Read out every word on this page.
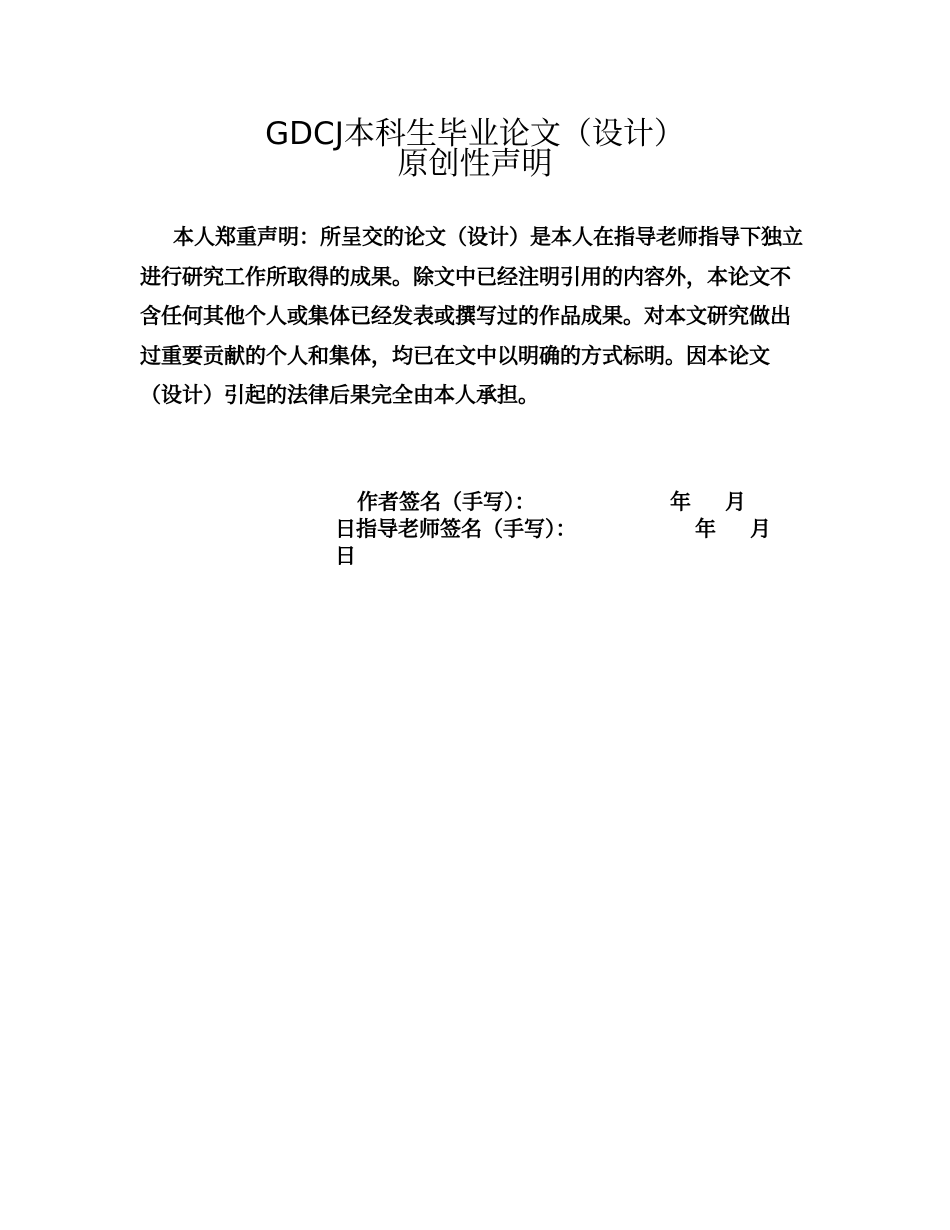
GDCJ本科生毕业论文（设计）
原创性声明

本人郑重声明：所呈交的论文（设计）是本人在指导老师指导下独立进行研究工作所取得的成果。除文中已经注明引用的内容外，本论文不含任何其他个人或集体已经发表或撰写过的作品成果。对本文研究做出过重要贡献的个人和集体，均已在文中以明确的方式标明。因本论文（设计）引起的法律后果完全由本人承担。

作者签名（手写）：	年 月
日指导老师签名（手写）：	年 月
日
